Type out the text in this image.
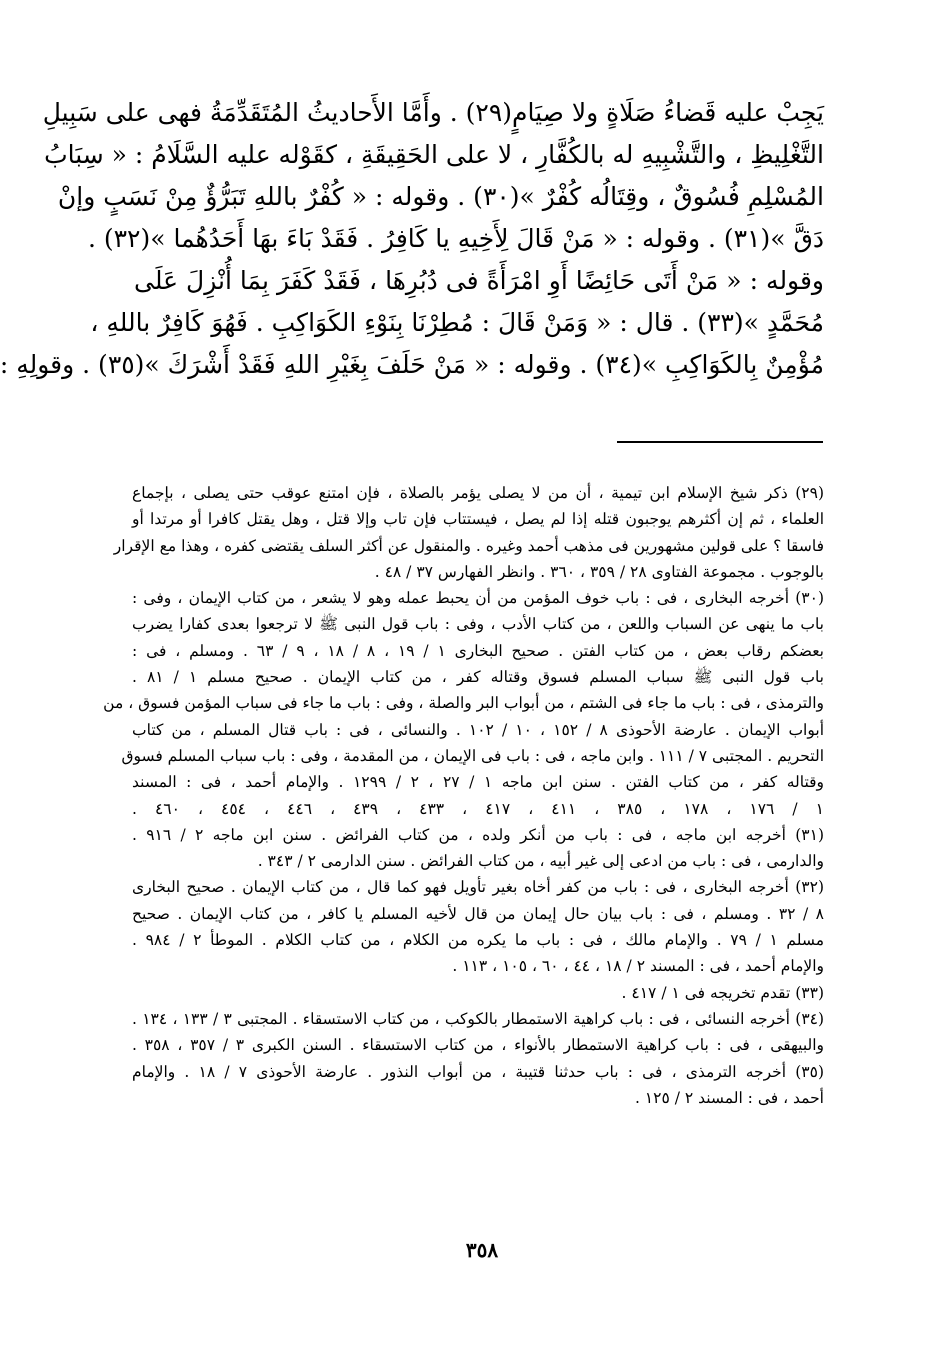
يَجِبْ عليه قَضاءُ صَلَاةٍ ولا صِيَامٍ(٢٩) . وأَمَّا الأَحاديثُ المُتَقَدِّمَةُ فهى على سَبِيلِ
التَّغْلِيظِ ، والتَّشْبِيهِ له بالكُفَّارِ ، لا على الحَقِيقَةِ ، كقَوْله عليه السَّلَامُ : « سِبَابُ
المُسْلِمِ فُسُوقٌ ، وقِتَالُه كُفْرٌ »(٣٠) . وقوله : « كُفْرٌ باللهِ تَبَرُّؤٌ مِنْ نَسَبٍ وإنْ
دَقَّ »(٣١) . وقوله : « مَنْ قَالَ لِأَخِيهِ يا كَافِرُ . فَقَدْ بَاءَ بهَا أَحَدُهُما »(٣٢) .
وقوله : « مَنْ أَتَى حَائِضًا أَوِ امْرَأَةً فى دُبُرِهَا ، فَقَدْ كَفَرَ بِمَا أُنْزِلَ عَلَى
مُحَمَّدٍ »(٣٣) . قال : « وَمَنْ قَالَ : مُطِرْنَا بِنَوْءِ الكَوَاكِبِ . فَهُوَ كَافِرٌ باللهِ ،
مُؤْمِنٌ بِالكَوَاكِبِ »(٣٤) . وقوله : « مَنْ حَلَفَ بِغَيْرِ اللهِ فَقَدْ أَشْرَكَ »(٣٥) . وقولِهِ :
(٢٩) ذكر شيخ الإسلام ابن تيمية ، أن من لا يصلى يؤمر بالصلاة ، فإن امتنع عوقب حتى يصلى ، بإجماع
العلماء ، ثم إن أكثرهم يوجبون قتله إذا لم يصل ، فيستتاب فإن تاب وإلا قتل ، وهل يقتل كافرا أو مرتدا أو
فاسقا ؟ على قولين مشهورين فى مذهب أحمد وغيره . والمنقول عن أكثر السلف يقتضى كفره ، وهذا مع الإقرار
بالوجوب . مجموعة الفتاوى ٢٨ / ٣٥٩ ، ٣٦٠ . وانظر الفهارس ٣٧ / ٤٨ .
(٣٠) أخرجه البخارى ، فى : باب خوف المؤمن من أن يحبط عمله وهو لا يشعر ، من كتاب الإيمان ، وفى :
باب ما ينهى عن السباب واللعن ، من كتاب الأدب ، وفى : باب قول النبى ﷺ لا ترجعوا بعدى كفارا يضرب
بعضكم رقاب بعض ، من كتاب الفتن . صحيح البخارى ١ / ١٩ ، ٨ / ١٨ ، ٩ / ٦٣ . ومسلم ، فى :
باب قول النبى ﷺ سباب المسلم فسوق وقتاله كفر ، من كتاب الإيمان . صحيح مسلم ١ / ٨١ .
والترمذى ، فى : باب ما جاء فى الشتم ، من أبواب البر والصلة ، وفى : باب ما جاء فى سباب المؤمن فسوق ، من
أبواب الإيمان . عارضة الأحوذى ٨ / ١٥٢ ، ١٠ / ١٠٢ . والنسائى ، فى : باب قتال المسلم ، من كتاب
التحريم . المجتبى ٧ / ١١١ . وابن ماجه ، فى : باب فى الإيمان ، من المقدمة ، وفى : باب سباب المسلم فسوق
وقتاله كفر ، من كتاب الفتن . سنن ابن ماجه ١ / ٢٧ ، ٢ / ١٢٩٩ . والإمام أحمد ، فى : المسند
١ / ١٧٦ ، ١٧٨ ، ٣٨٥ ، ٤١١ ، ٤١٧ ، ٤٣٣ ، ٤٣٩ ، ٤٤٦ ، ٤٥٤ ، ٤٦٠ .
(٣١) أخرجه ابن ماجه ، فى : باب من أنكر ولده ، من كتاب الفرائض . سنن ابن ماجه ٢ / ٩١٦ .
والدارمى ، فى : باب من ادعى إلى غير أبيه ، من كتاب الفرائض . سنن الدارمى ٢ / ٣٤٣ .
(٣٢) أخرجه البخارى ، فى : باب من كفر أخاه بغير تأويل فهو كما قال ، من كتاب الإيمان . صحيح البخارى
٨ / ٣٢ . ومسلم ، فى : باب بيان حال إيمان من قال لأخيه المسلم يا كافر ، من كتاب الإيمان . صحيح
مسلم ١ / ٧٩ . والإمام مالك ، فى : باب ما يكره من الكلام ، من كتاب الكلام . الموطأ ٢ / ٩٨٤ .
والإمام أحمد ، فى : المسند ٢ / ١٨ ، ٤٤ ، ٦٠ ، ١٠٥ ، ١١٣ .
(٣٣) تقدم تخريجه فى ١ / ٤١٧ .
(٣٤) أخرجه النسائى ، فى : باب كراهية الاستمطار بالكوكب ، من كتاب الاستسقاء . المجتبى ٣ / ١٣٣ ، ١٣٤ .
والبيهقى ، فى : باب كراهية الاستمطار بالأنواء ، من كتاب الاستسقاء . السنن الكبرى ٣ / ٣٥٧ ، ٣٥٨ .
(٣٥) أخرجه الترمذى ، فى : باب حدثنا قتيبة ، من أبواب النذور . عارضة الأحوذى ٧ / ١٨ . والإمام
أحمد ، فى : المسند ٢ / ١٢٥ .
٣٥٨
